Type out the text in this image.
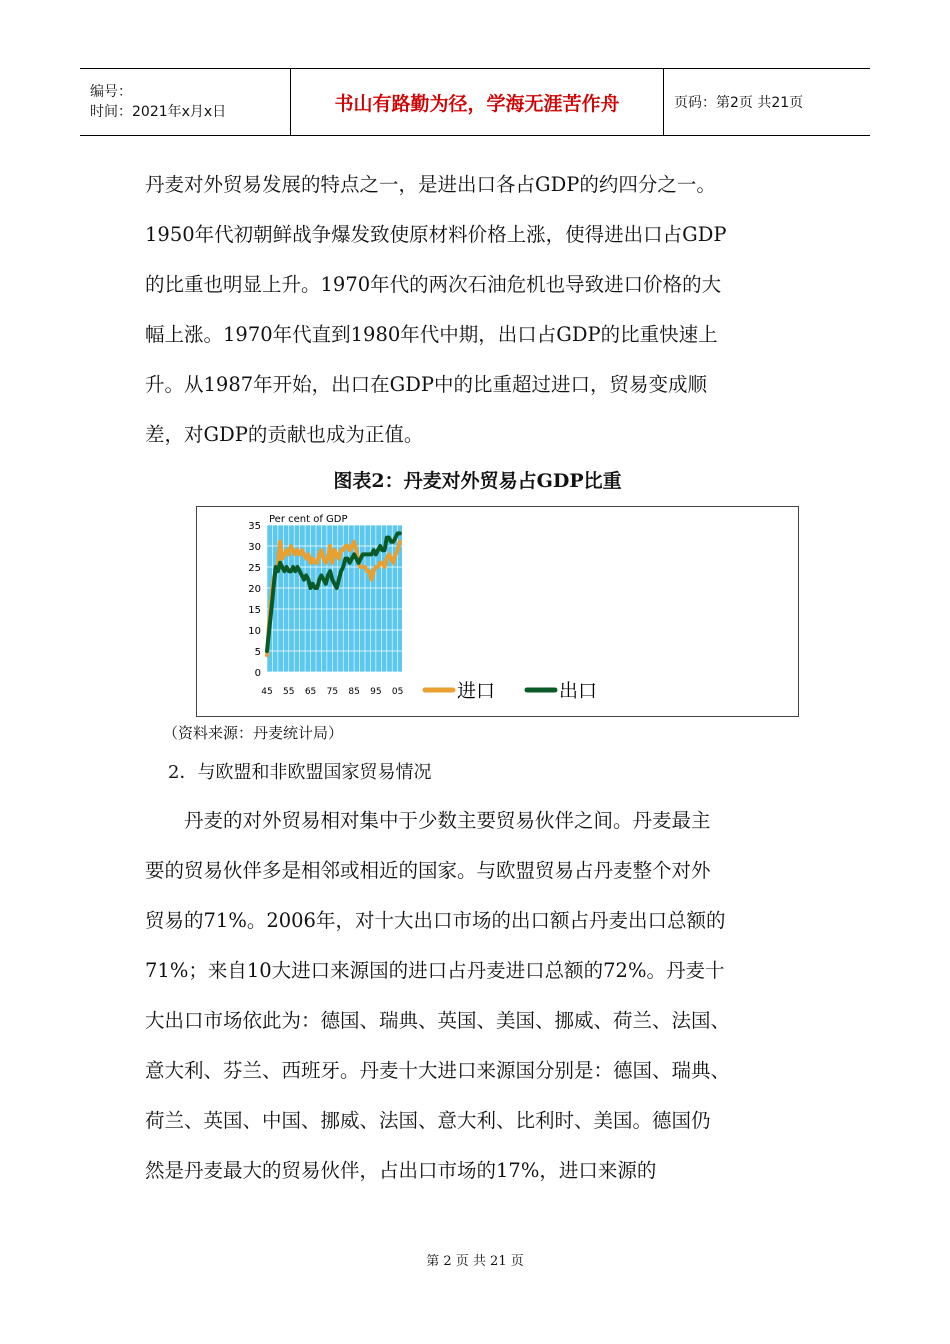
编号：
时间：2021年x月x日	书山有路勤为径，学海无涯苦作舟	页码：第2页 共21页
丹麦对外贸易发展的特点之一，是进出口各占GDP的约四分之一。
1950年代初朝鲜战争爆发致使原材料价格上涨，使得进出口占GDP
的比重也明显上升。1970年代的两次石油危机也导致进口价格的大
幅上涨。1970年代直到1980年代中期，出口占GDP的比重快速上
升。从1987年开始，出口在GDP中的比重超过进口，贸易变成顺
差，对GDP的贡献也成为正值。
图表2：丹麦对外贸易占GDP比重
Per cent of GDP
35
30
25
20
15
10
5
0
45 55 65 75 85 95 05	进口	出口
（资料来源：丹麦统计局）
2．与欧盟和非欧盟国家贸易情况
丹麦的对外贸易相对集中于少数主要贸易伙伴之间。丹麦最主
要的贸易伙伴多是相邻或相近的国家。与欧盟贸易占丹麦整个对外
贸易的71%。2006年，对十大出口市场的出口额占丹麦出口总额的
71%；来自10大进口来源国的进口占丹麦进口总额的72%。丹麦十
大出口市场依此为：德国、瑞典、英国、美国、挪威、荷兰、法国、
意大利、芬兰、西班牙。丹麦十大进口来源国分别是：德国、瑞典、
荷兰、英国、中国、挪威、法国、意大利、比利时、美国。德国仍
然是丹麦最大的贸易伙伴，占出口市场的17%，进口来源的
第 2 页 共 21 页
